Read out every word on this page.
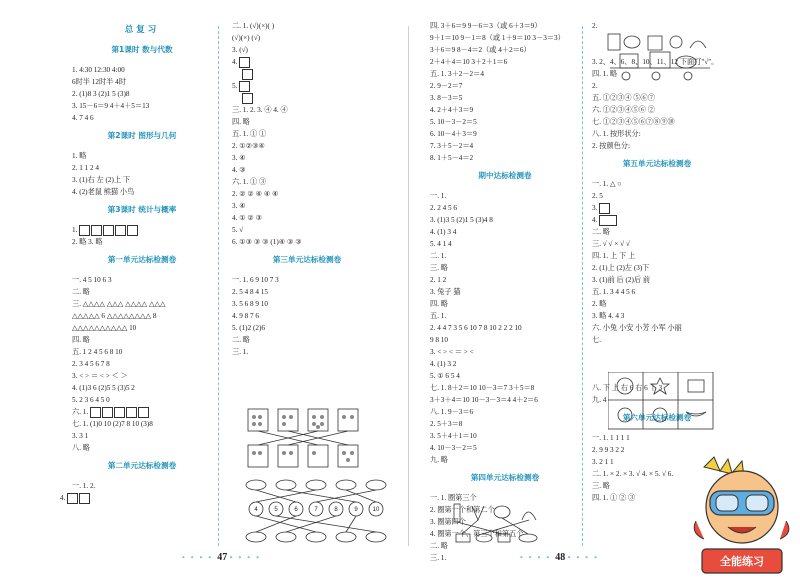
总复习
第1课时 数与代数
1. 4:30 12:30 4:00
6时半 12时半 4时
2. (1)8 3 (2)1 5 (3)8
3. 15－6＝9 4＋4＋5＝13
4. 7 4 6
第2课时 图形与几何
1. 略
2. 1 1 2 4
3. (1)右 左 (2)上 下
4. (2)老鼠 熊猫 小鸟
第3课时 统计与概率
1.
2. 略 3. 略
第一单元达标检测卷
一. 4 5 10 6 3
二. 略
三. △△△△ △△△ △△△△ △△△
△△△△△ 6 △△△△△△△△ 8
△△△△△△△△△△ 10
四. 略
五. 1 2 4 5 6 8 10
2. 3 4 5 6 7 8
3. < > ＝ < > ＜ ＞
4. (1)3 6 (2)5 5 (3)5 2
5. 2 3 6 4 5 0
六. 1.
七. 1. (1)0 10 (2)7 8 10 (3)8
3. 3 1
八. 略
第二单元达标检测卷
一. 1. 2.
4.
二. 1. (√)(×)( )
(√)(×) (√)
3. (√)
4.
5.
三. 1. 2. 3. ④ 4. ④
四. 略
五. 1. ① ①
2. ①②③④
3. ④
4. ③
六. 1. ① ③
2. ② ② ④ ④ ④
3. ④
4. ① ② ③
5. √
6. ①③ ③ ③ (1)④ ③ ③
第三单元达标检测卷
一. 1. 6 9 10 7 3
2. 5 4 8 4 15
3. 5 6 8 9 10
4. 9 8 7 6
5. (1)2 (2)6
二. 略
三. 1.
4	5	6	7	8	9 10
• • • • 47 • • • •
四. 3＋6＝9 9－6＝3（或 6＋3＝9）
9＋1＝10 9－1＝8（或 1＋9＝10 3－3＝3）
3＋6＝9 8－4＝2（或 4＋2＝6）
2＋4＋4＝10 3＋2＋1＝6
五. 1. 3＋2－2＝4
2. 9－2＝7
3. 8－3＝5
4. 2＋4＋3＝9
5. 10－3－2＝5
6. 10－4＋3＝9
7. 3＋5－2＝4
8. 1＋5－4＝2
期中达标检测卷
一. 1.
2. 2 4 5 6
3. (1)3 5 (2)1 5 (3)4 8
4. (1) 3 4
5. 4 1 4
二. 1.
三. 略
2. 1 2
3. 兔子 猫
四. 略
五. 1.
2. 4 4 7 3 5 6 10 7 8 10 2 2 2 10
9 8 10
3. < > < ＝ > <
4. (1) 3 2
5. ① 6 5 4
七. 1. 8＋2＝10 10－3＝7 3＋5＝8
3＋3＋4＝10 10－3－3＝4 4＋2＝6
八. 1. 9－3＝6
2. 5＋3＝8
3. 5＋4＋1＝10
4. 10－3－2＝5
九. 略
第四单元达标检测卷
一. 1. 圈第三个
2. 圈第一个和第二个
3. 圈第四个
4. 圈第一个、第三个和第五个
二. 略
三. 1.	• • • • 48 • • • •
2.
3. 2、4、6、8、10、11、12 下面打"√"。
四. 1. 略
2.
五. ①②③④ ⑤⑥⑦
六. ①②③④⑤⑥ ②
七. ①②③④⑤⑥⑦⑧⑨⑩
八. 1. 按形状分:
2. 按颜色分:
第五单元达标检测卷
一. 1. △ ○
2. 5
3.
4.
二. 略
三. √ √ × √ √
四. 1. 上 下 上
2. (1)上 (2)左 (3)下
3. (1)前 后 (2)后 前
五. 1. 3 4 4 5 6
2. 略
3. 略 4. 4 3
六. 小兔 小安 小芳 小军 小丽
七.
八. 下 上 右 6 右 6 下 3
九. 4
第六单元达标检测卷
一. 1. 1 1 1 1
2. 9 9 3 2 2
3. 2 1 1
二. 1. × 2. × 3. √ 4. × 5. √ 6.
三. 略
四. 1. ① ② ③
全能练习
